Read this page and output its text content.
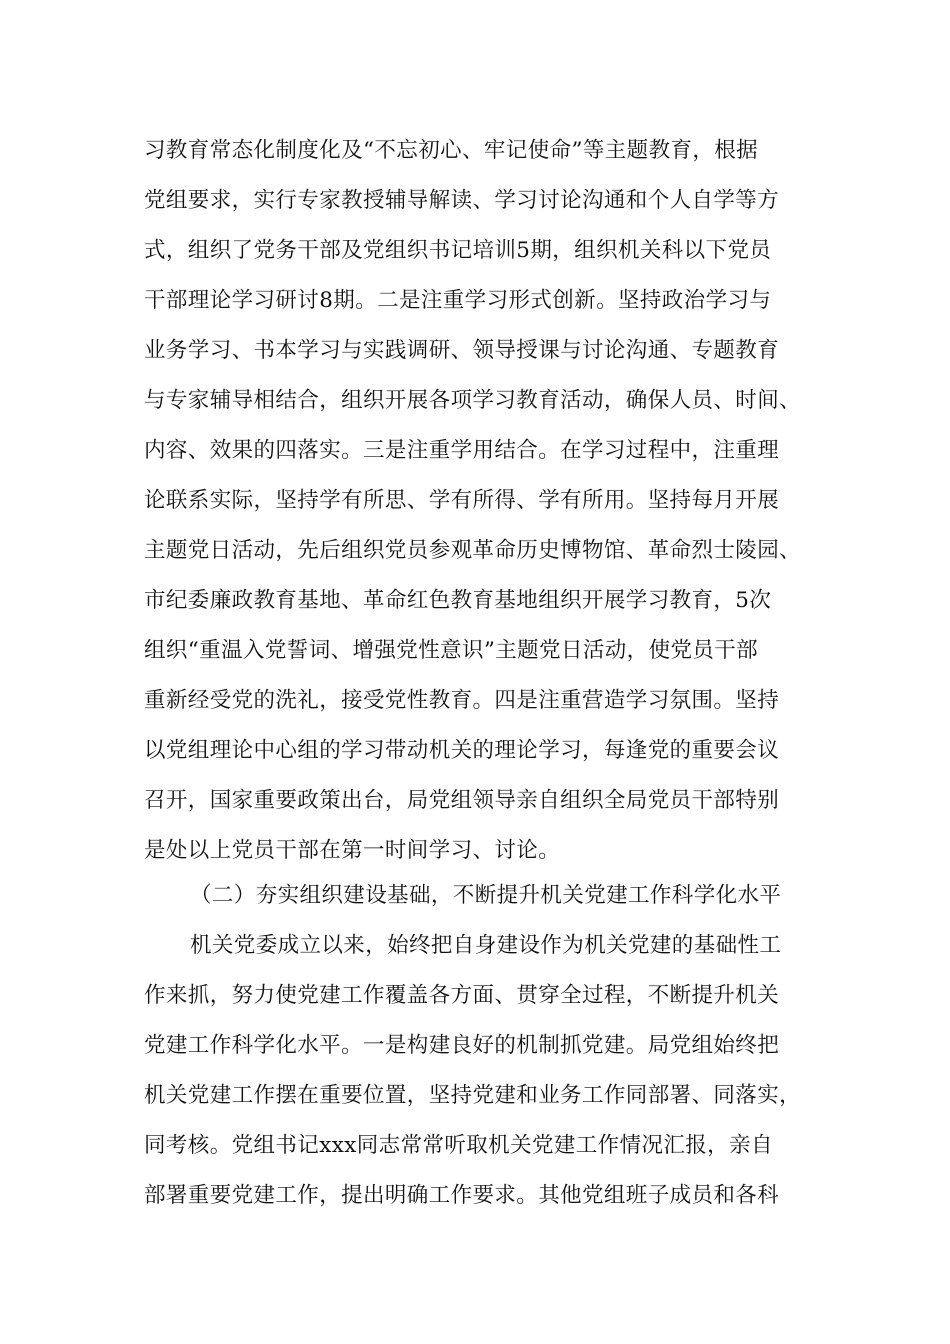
习教育常态化制度化及“不忘初心、牢记使命”等主题教育，根据
党组要求，实行专家教授辅导解读、学习讨论沟通和个人自学等方
式，组织了党务干部及党组织书记培训5期，组织机关科以下党员
干部理论学习研讨8期。二是注重学习形式创新。坚持政治学习与
业务学习、书本学习与实践调研、领导授课与讨论沟通、专题教育
与专家辅导相结合，组织开展各项学习教育活动，确保人员、时间、
内容、效果的四落实。三是注重学用结合。在学习过程中，注重理
论联系实际，坚持学有所思、学有所得、学有所用。坚持每月开展
主题党日活动，先后组织党员参观革命历史博物馆、革命烈士陵园、
市纪委廉政教育基地、革命红色教育基地组织开展学习教育，5次
组织“重温入党誓词、增强党性意识”主题党日活动，使党员干部
重新经受党的洗礼，接受党性教育。四是注重营造学习氛围。坚持
以党组理论中心组的学习带动机关的理论学习，每逢党的重要会议
召开，国家重要政策出台，局党组领导亲自组织全局党员干部特别
是处以上党员干部在第一时间学习、讨论。
（二）夯实组织建设基础，不断提升机关党建工作科学化水平
机关党委成立以来，始终把自身建设作为机关党建的基础性工
作来抓，努力使党建工作覆盖各方面、贯穿全过程，不断提升机关
党建工作科学化水平。一是构建良好的机制抓党建。局党组始终把
机关党建工作摆在重要位置，坚持党建和业务工作同部署、同落实，
同考核。党组书记xxx同志常常听取机关党建工作情况汇报，亲自
部署重要党建工作，提出明确工作要求。其他党组班子成员和各科
